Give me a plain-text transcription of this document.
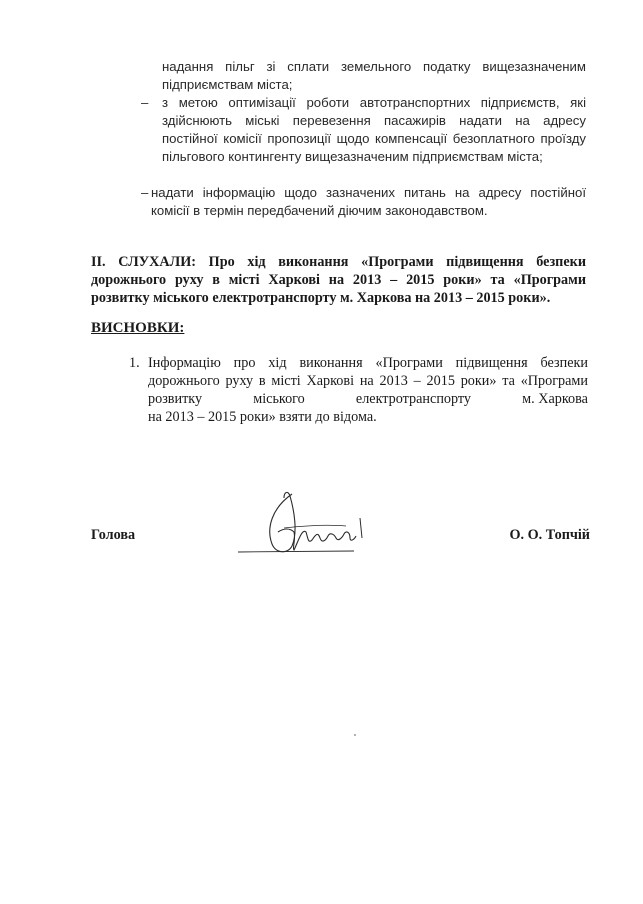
надання пільг зі сплати земельного податку вищезазначеним підприємствам міста;
– з метою оптимізації роботи автотранспортних підприємств, які здійснюють міські перевезення пасажирів надати на адресу постійної комісії пропозиції щодо компенсації безоплатного проїзду пільгового контингенту вищезазначеним підприємствам міста;
– надати інформацію щодо зазначених питань на адресу постійної комісії в термін передбачений діючим законодавством.
ІІ. СЛУХАЛИ: Про хід виконання «Програми підвищення безпеки дорожнього руху в місті Харкові на 2013 – 2015 роки» та «Програми розвитку міського електротранспорту м. Харкова на 2013 – 2015 роки».
ВИСНОВКИ:
1. Інформацію про хід виконання «Програми підвищення безпеки
дорожнього руху в місті Харкові на 2013 – 2015 роки» та «Програми
розвитку	міського	електротранспорту	м. Харкова
на 2013 – 2015 роки» взяти до відома.
Голова	О. О. Топчій
